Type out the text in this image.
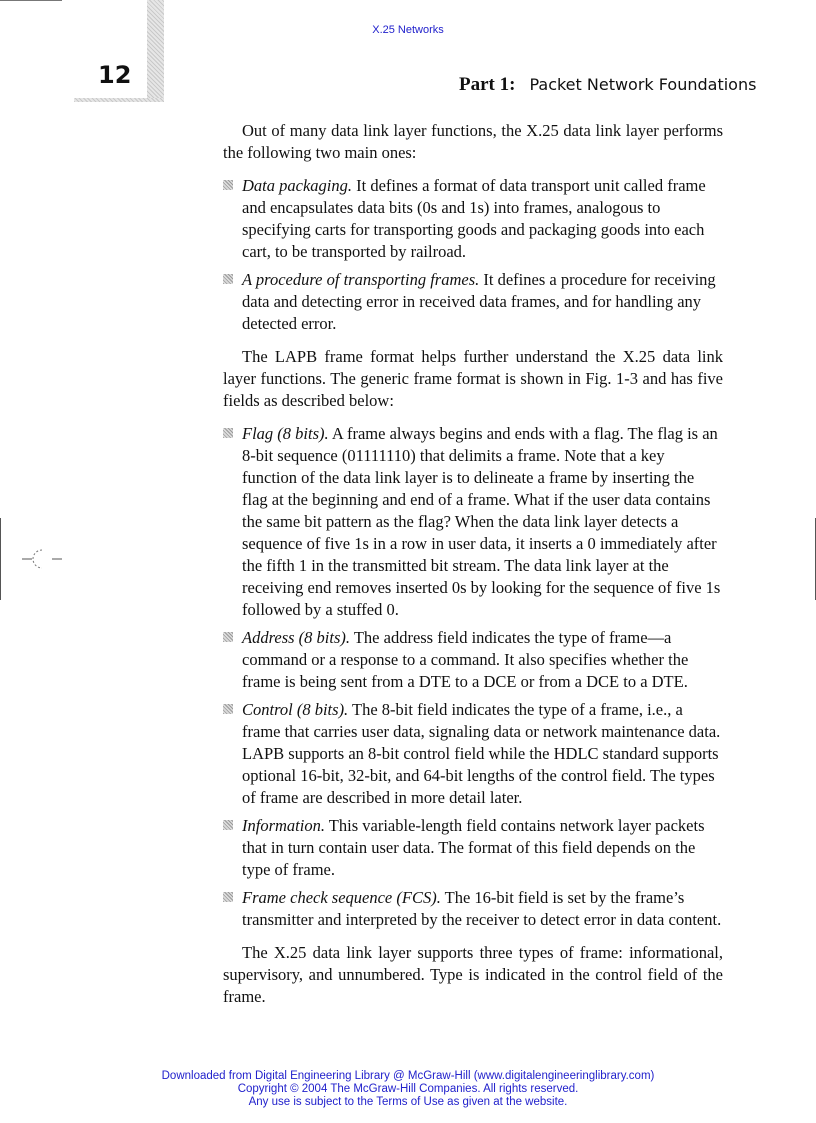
X.25 Networks
12	Part 1: Packet Network Foundations

Out of many data link layer functions, the X.25 data link layer performs the following two main ones:

Data packaging. It defines a format of data transport unit called frame and encapsulates data bits (0s and 1s) into frames, analogous to specifying carts for transporting goods and packaging goods into each cart, to be transported by railroad.
A procedure of transporting frames. It defines a procedure for receiving data and detecting error in received data frames, and for handling any detected error.

The LAPB frame format helps further understand the X.25 data link layer functions. The generic frame format is shown in Fig. 1-3 and has five fields as described below:

Flag (8 bits). A frame always begins and ends with a flag. The flag is an 8-bit sequence (01111110) that delimits a frame. Note that a key function of the data link layer is to delineate a frame by inserting the flag at the beginning and end of a frame. What if the user data contains the same bit pattern as the flag? When the data link layer detects a sequence of five 1s in a row in user data, it inserts a 0 immediately after the fifth 1 in the transmitted bit stream. The data link layer at the receiving end removes inserted 0s by looking for the sequence of five 1s followed by a stuffed 0.
Address (8 bits). The address field indicates the type of frame—a command or a response to a command. It also specifies whether the frame is being sent from a DTE to a DCE or from a DCE to a DTE.
Control (8 bits). The 8-bit field indicates the type of a frame, i.e., a frame that carries user data, signaling data or network maintenance data. LAPB supports an 8-bit control field while the HDLC standard supports optional 16-bit, 32-bit, and 64-bit lengths of the control field. The types of frame are described in more detail later.
Information. This variable-length field contains network layer packets that in turn contain user data. The format of this field depends on the type of frame.
Frame check sequence (FCS). The 16-bit field is set by the frame’s transmitter and interpreted by the receiver to detect error in data content.

The X.25 data link layer supports three types of frame: informational, supervisory, and unnumbered. Type is indicated in the control field of the frame.

Downloaded from Digital Engineering Library @ McGraw-Hill (www.digitalengineeringlibrary.com)
Copyright © 2004 The McGraw-Hill Companies. All rights reserved.
Any use is subject to the Terms of Use as given at the website.
